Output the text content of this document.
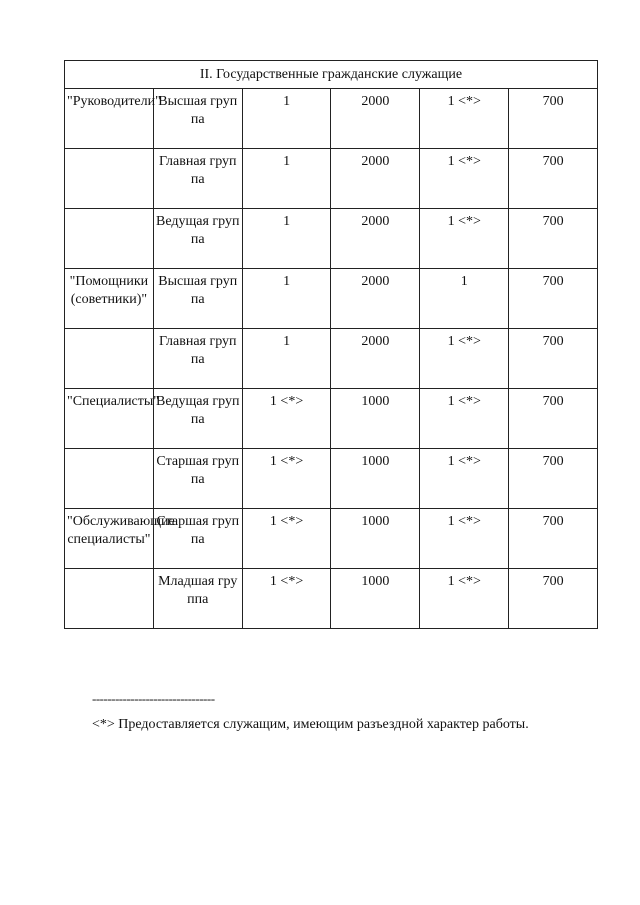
II. Государственные гражданские служащие					
"Руководители"	Высшая группа	1	2000	1 <*>	700
	Главная группа	1	2000	1 <*>	700
	Ведущая группа	1	2000	1 <*>	700
"Помощники (советники)"	Высшая группа	1	2000	1	700
	Главная группа	1	2000	1 <*>	700
"Специалисты"	Ведущая группа	1 <*>	1000	1 <*>	700
	Старшая группа	1 <*>	1000	1 <*>	700
"Обслуживающие специалисты"	Старшая группа	1 <*>	1000	1 <*>	700
	Младшая группа	1 <*>	1000	1 <*>	700
--------------------------------
<*> Предоставляется служащим, имеющим разъездной характер работы.
